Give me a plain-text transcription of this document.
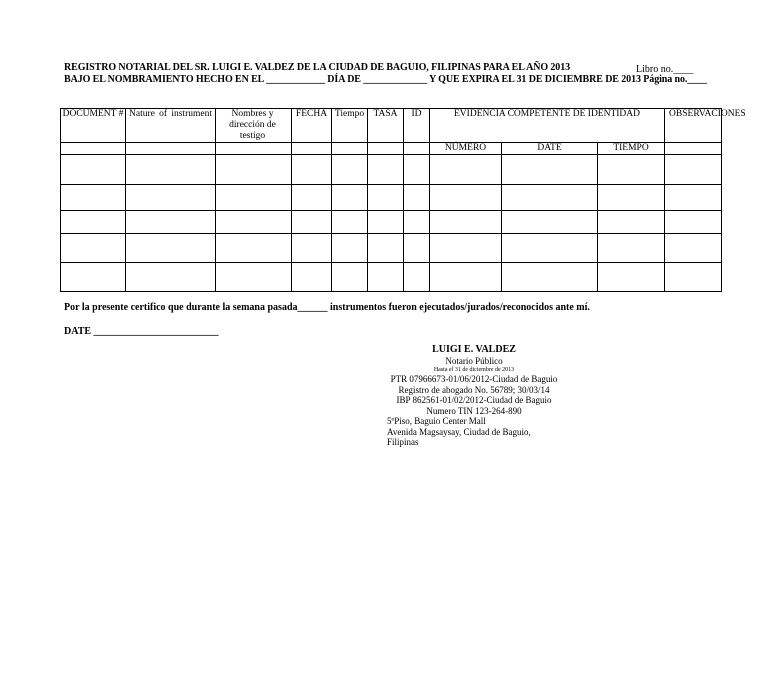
REGISTRO NOTARIAL DEL SR. LUIGI E. VALDEZ DE LA CIUDAD DE BAGUIO, FILIPINAS PARA EL AÑO 2013	Libro no.____
BAJO EL NOMBRAMIENTO HECHO EN EL ____________ DÍA DE _____________ Y QUE EXPIRA EL 31 DE DICIEMBRE DE 2013 Página no.____
DOCUMENT #	Nature of instrument	Nombres y dirección de testigo	FECHA	Tiempo	TASA	ID	EVIDENCIA COMPETENTE DE IDENTIDAD			OBSERVACIONES

							NÚMERO	DATE	TIEMPO	

Por la presente certifico que durante la semana pasada______ instrumentos fueron ejecutados/jurados/reconocidos ante mí.
DATE _________________________
LUIGI E. VALDEZ
Notario Público
Hasta el 31 de diciembre de 2013
PTR 07966673-01/06/2012-Ciudad de Baguio
Registro de abogado No. 56789; 30/03/14
IBP 862561-01/02/2012-Ciudad de Baguio
Numero TIN 123-264-890
5ºPiso, Baguio Center Mall
Avenida Magsaysay, Ciudad de Baguio, Filipinas
